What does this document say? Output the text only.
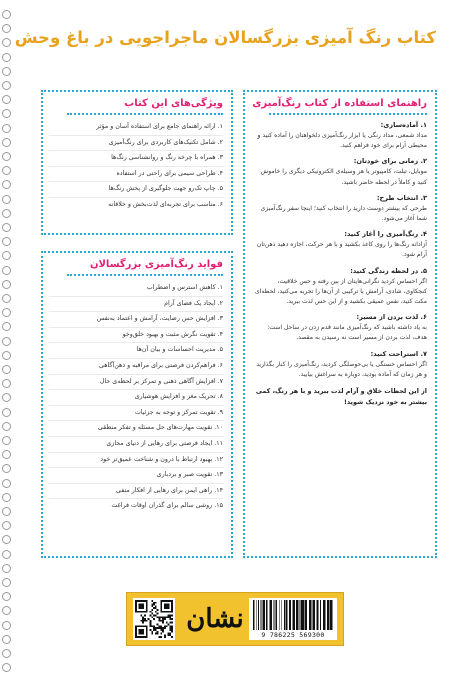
کتاب رنگ آمیزی بزرگسالان ماجراجویی در باغ وحش
راهنمای استفاده از کتاب رنگ‌آمیزی
۱. آماده‌سازی:
مداد شمعی، مداد رنگی یا ابزار رنگ‌آمیزی دلخواهتان را آماده کنید و محیطی آرام برای خود فراهم کنید.
۲. زمانی برای خودتان:
موبایل، تبلت، کامپیوتر یا هر وسیله‌ی الکترونیکی دیگری را خاموش کنید و کاملاً در لحظه حاضر باشید.
۳. انتخاب طرح:
طرحی که بیشتر دوست دارید را انتخاب کنید؛ اینجا سفر رنگ‌آمیزی شما آغاز می‌شود.
۴. رنگ‌آمیزی را آغاز کنید:
آزادانه رنگ‌ها را روی کاغذ بکشید و با هر حرکت، اجازه دهید ذهن‌تان آرام شود.
۵. در لحظه زندگی کنید:
اگر احساس کردید نگرانی‌هایتان از بین رفته و حس خلاقیت، کنجکاوی، شادی، آرامش یا ترکیبی از آن‌ها را تجربه می‌کنید، لحظه‌ای مکث کنید، نفس عمیقی بکشید و از این حس لذت ببرید.
۶. لذت بردن از مسیر:
به یاد داشته باشید که رنگ‌آمیزی مانند قدم زدن در ساحل است: هدف، لذت بردن از مسیر است نه رسیدن به مقصد.
۷. استراحت کنید:
اگر احساس خستگی یا بی‌حوصلگی کردید، رنگ‌آمیزی را کنار بگذارید و هر زمان که آماده بودید، دوباره به سراغش بیایید.
از این لحظات خلاق و آرام لذت ببرید و با هر رنگ، کمی بیشتر به خود نزدیک شوید!
ویژگی‌های این کتاب
۱. ارائه راهنمای جامع برای استفاده آسان و مؤثر
۲. شامل تکنیک‌های کاربردی برای رنگ‌آمیزی
۳. همراه با چرخه رنگ و روانشناسی رنگ‌ها
۴. طراحی سیمی برای راحتی در استفاده
۵. چاپ تک‌رو جهت جلوگیری از پخش رنگ‌ها
۶. مناسب برای تجربه‌ای لذت‌بخش و خلاقانه
فواید رنگ‌آمیزی بزرگسالان
۱. کاهش استرس و اضطراب
۲. ایجاد یک فضای آرام
۳. افزایش حس رضایت، آرامش و اعتماد به‌نفس
۴. تقویت نگرش مثبت و بهبود خلق‌وخو
۵. مدیریت احساسات و بیان آن‌ها
۶. فراهم‌کردن فرصتی برای مراقبه و ذهن‌آگاهی
۷. افزایش آگاهی ذهنی و تمرکز بر لحظه‌ی حال
۸. تحریک مغز و افزایش هوشیاری
۹. تقویت تمرکز و توجه به جزئیات
۱۰. تقویت مهارت‌های حل مسئله و تفکر منطقی
۱۱. ایجاد فرصتی برای رهایی از دنیای مجازی
۱۲. بهبود ارتباط با درون و شناخت عمیق‌تر خود
۱۳. تقویت صبر و بردباری
۱۴. راهی ایمن برای رهایی از افکار منفی
۱۵. روشی سالم برای گذران اوقات فراغت
نشان
9 786225 569300
